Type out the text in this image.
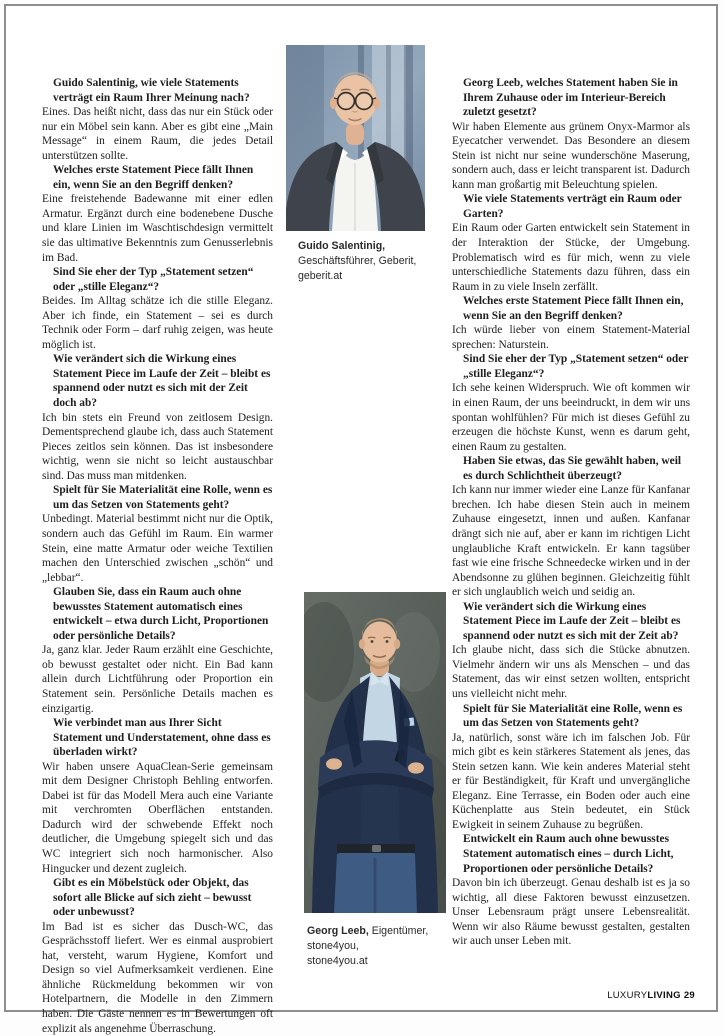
Guido Salentinig, wie viele Statements verträgt ein Raum Ihrer Meinung nach?

Eines. Das heißt nicht, dass das nur ein Stück oder nur ein Möbel sein kann. Aber es gibt eine „Main Message“ in einem Raum, die jedes Detail unterstützen sollte.

Welches erste Statement Piece fällt Ihnen ein, wenn Sie an den Begriff denken?

Eine freistehende Badewanne mit einer edlen Armatur. Ergänzt durch eine bodenebene Dusche und klare Linien im Waschtischdesign vermittelt sie das ultimative Bekenntnis zum Genusserlebnis im Bad.

Sind Sie eher der Typ „Statement setzen“ oder „stille Eleganz“?

Beides. Im Alltag schätze ich die stille Eleganz. Aber ich finde, ein Statement – sei es durch Technik oder Form – darf ruhig zeigen, was heute möglich ist.

Wie verändert sich die Wirkung eines Statement Piece im Laufe der Zeit – bleibt es spannend oder nutzt es sich mit der Zeit doch ab?

Ich bin stets ein Freund von zeitlosem Design. Dementsprechend glaube ich, dass auch Statement Pieces zeitlos sein können. Das ist insbesondere wichtig, wenn sie nicht so leicht austauschbar sind. Das muss man mitdenken.

Spielt für Sie Materialität eine Rolle, wenn es um das Setzen von Statements geht?

Unbedingt. Material bestimmt nicht nur die Optik, sondern auch das Gefühl im Raum. Ein warmer Stein, eine matte Armatur oder weiche Textilien machen den Unterschied zwischen „schön“ und „lebbar“.

Glauben Sie, dass ein Raum auch ohne bewusstes Statement automatisch eines entwickelt – etwa durch Licht, Proportionen oder persönliche Details?

Ja, ganz klar. Jeder Raum erzählt eine Geschichte, ob bewusst gestaltet oder nicht. Ein Bad kann allein durch Lichtführung oder Proportion ein Statement sein. Persönliche Details machen es einzigartig.

Wie verbindet man aus Ihrer Sicht Statement und Understatement, ohne dass es überladen wirkt?

Wir haben unsere AquaClean-Serie gemeinsam mit dem Designer Christoph Behling entworfen. Dabei ist für das Modell Mera auch eine Variante mit verchromten Oberflächen entstanden. Dadurch wird der schwebende Effekt noch deutlicher, die Umgebung spiegelt sich und das WC integriert sich noch harmonischer. Also Hingucker und dezent zugleich.

Gibt es ein Möbelstück oder Objekt, das sofort alle Blicke auf sich zieht – bewusst oder unbewusst?

Im Bad ist es sicher das Dusch-WC, das Gesprächsstoff liefert. Wer es einmal ausprobiert hat, versteht, warum Hygiene, Komfort und Design so viel Aufmerksamkeit verdienen. Eine ähnliche Rückmeldung bekommen wir von Hotelpartnern, die Modelle in den Zimmern haben. Die Gäste nennen es in Bewertungen oft explizit als angenehme Überraschung.

Guido Salentinig,
Geschäftsführer, Geberit,
geberit.at
Georg Leeb, Eigentümer,
stone4you,
stone4you.at

Georg Leeb, welches Statement haben Sie in Ihrem Zuhause oder im Interieur-Bereich zuletzt gesetzt?

Wir haben Elemente aus grünem Onyx-Marmor als Eyecatcher verwendet. Das Besondere an diesem Stein ist nicht nur seine wunderschöne Maserung, sondern auch, dass er leicht transparent ist. Dadurch kann man großartig mit Beleuchtung spielen.

Wie viele Statements verträgt ein Raum oder Garten?

Ein Raum oder Garten entwickelt sein Statement in der Interaktion der Stücke, der Umgebung. Problematisch wird es für mich, wenn zu viele unterschiedliche Statements dazu führen, dass ein Raum in zu viele Inseln zerfällt.

Welches erste Statement Piece fällt Ihnen ein, wenn Sie an den Begriff denken?

Ich würde lieber von einem Statement-Material sprechen: Naturstein.

Sind Sie eher der Typ „Statement setzen“ oder „stille Eleganz“?

Ich sehe keinen Widerspruch. Wie oft kommen wir in einen Raum, der uns beeindruckt, in dem wir uns spontan wohlfühlen? Für mich ist dieses Gefühl zu erzeugen die höchste Kunst, wenn es darum geht, einen Raum zu gestalten.

Haben Sie etwas, das Sie gewählt haben, weil es durch Schlichtheit überzeugt?

Ich kann nur immer wieder eine Lanze für Kanfanar brechen. Ich habe diesen Stein auch in meinem Zuhause eingesetzt, innen und außen. Kanfanar drängt sich nie auf, aber er kann im richtigen Licht unglaubliche Kraft entwickeln. Er kann tagsüber fast wie eine frische Schneedecke wirken und in der Abendsonne zu glühen beginnen. Gleichzeitig fühlt er sich unglaublich weich und seidig an.

Wie verändert sich die Wirkung eines Statement Piece im Laufe der Zeit – bleibt es spannend oder nutzt es sich mit der Zeit ab?

Ich glaube nicht, dass sich die Stücke abnutzen. Vielmehr ändern wir uns als Menschen – und das Statement, das wir einst setzen wollten, entspricht uns vielleicht nicht mehr.

Spielt für Sie Materialität eine Rolle, wenn es um das Setzen von Statements geht?

Ja, natürlich, sonst wäre ich im falschen Job. Für mich gibt es kein stärkeres Statement als jenes, das Stein setzen kann. Wie kein anderes Material steht er für Beständigkeit, für Kraft und unvergängliche Eleganz. Eine Terrasse, ein Boden oder auch eine Küchenplatte aus Stein bedeutet, ein Stück Ewigkeit in seinem Zuhause zu begrüßen.

Entwickelt ein Raum auch ohne bewusstes Statement automatisch eines – durch Licht, Proportionen oder persönliche Details?

Davon bin ich überzeugt. Genau deshalb ist es ja so wichtig, all diese Faktoren bewusst einzusetzen. Unser Lebensraum prägt unsere Lebensrealität. Wenn wir also Räume bewusst gestalten, gestalten wir auch unser Leben mit.

LUXURYLIVING 29
